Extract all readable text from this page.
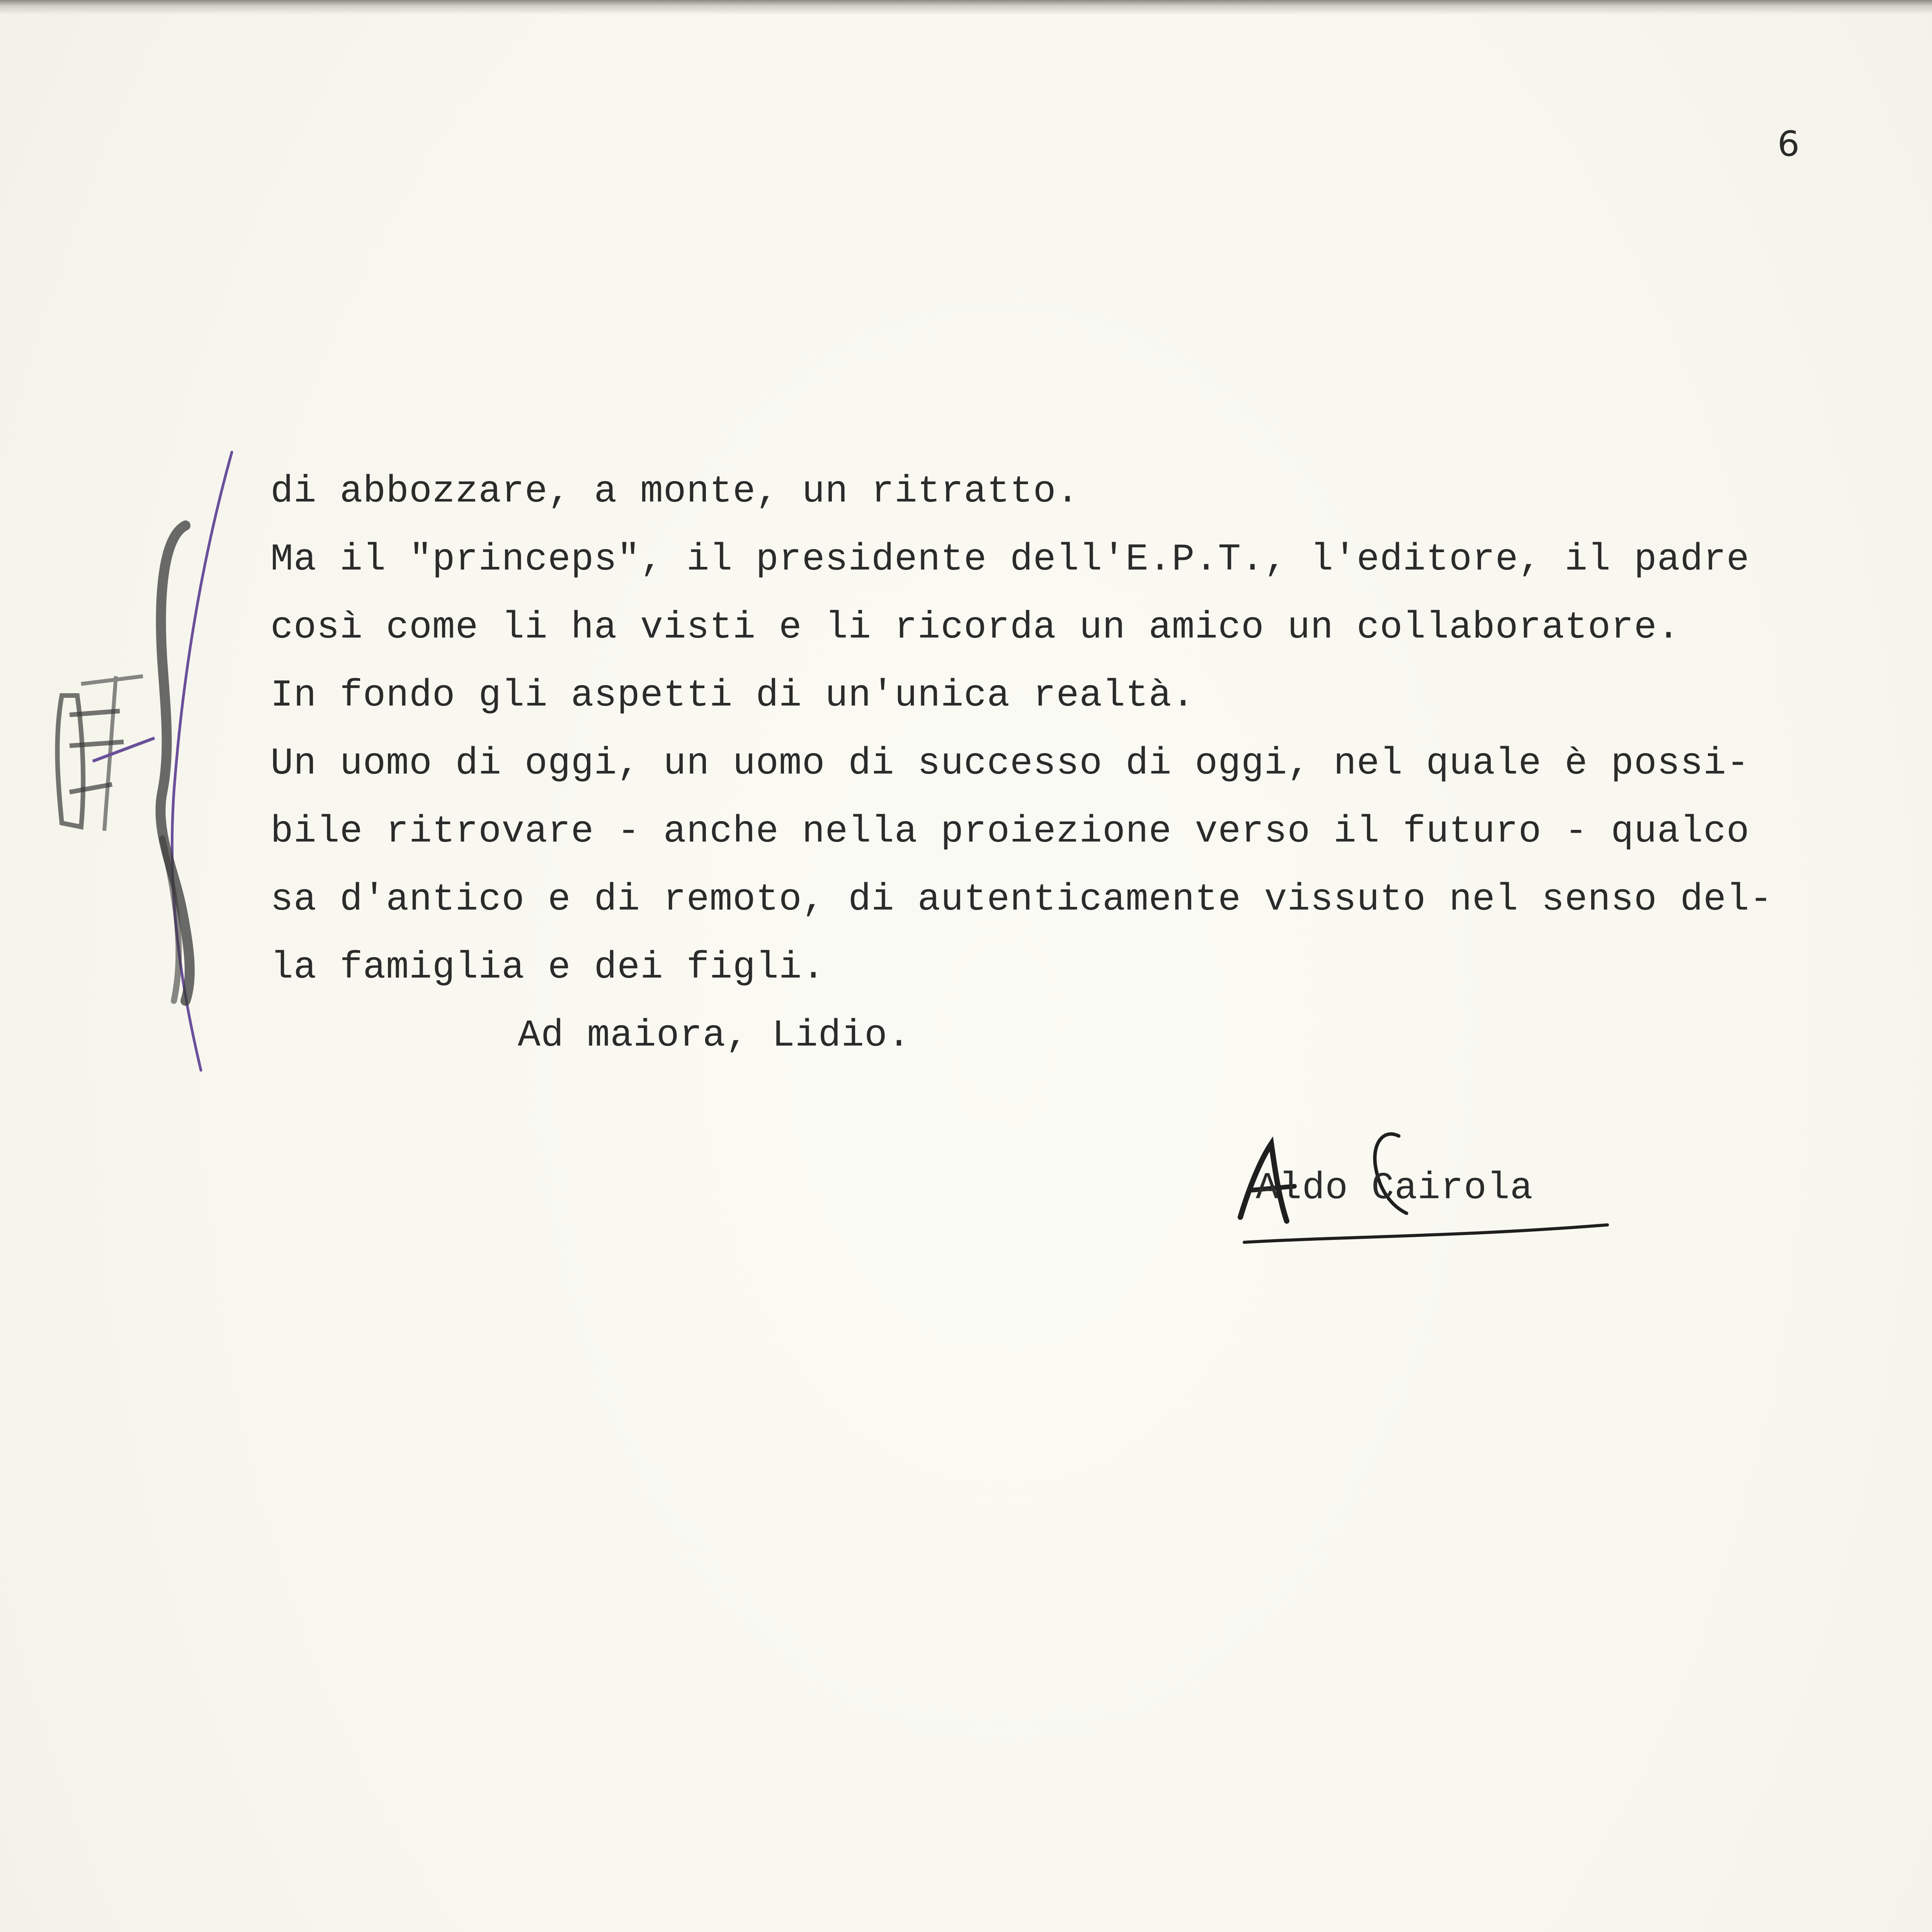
6
di abbozzare, a monte, un ritratto.
Ma il "princeps", il presidente dell'E.P.T., l'editore, il padre
così come li ha visti e li ricorda un amico un collaboratore.
In fondo gli aspetti di un'unica realtà.
Un uomo di oggi, un uomo di successo di oggi, nel quale è possi-
bile ritrovare - anche nella proiezione verso il futuro - qualco
sa d'antico e di remoto, di autenticamente vissuto nel senso del-
la famiglia e dei figli.
Ad maiora, Lidio.
Aldo Cairola
